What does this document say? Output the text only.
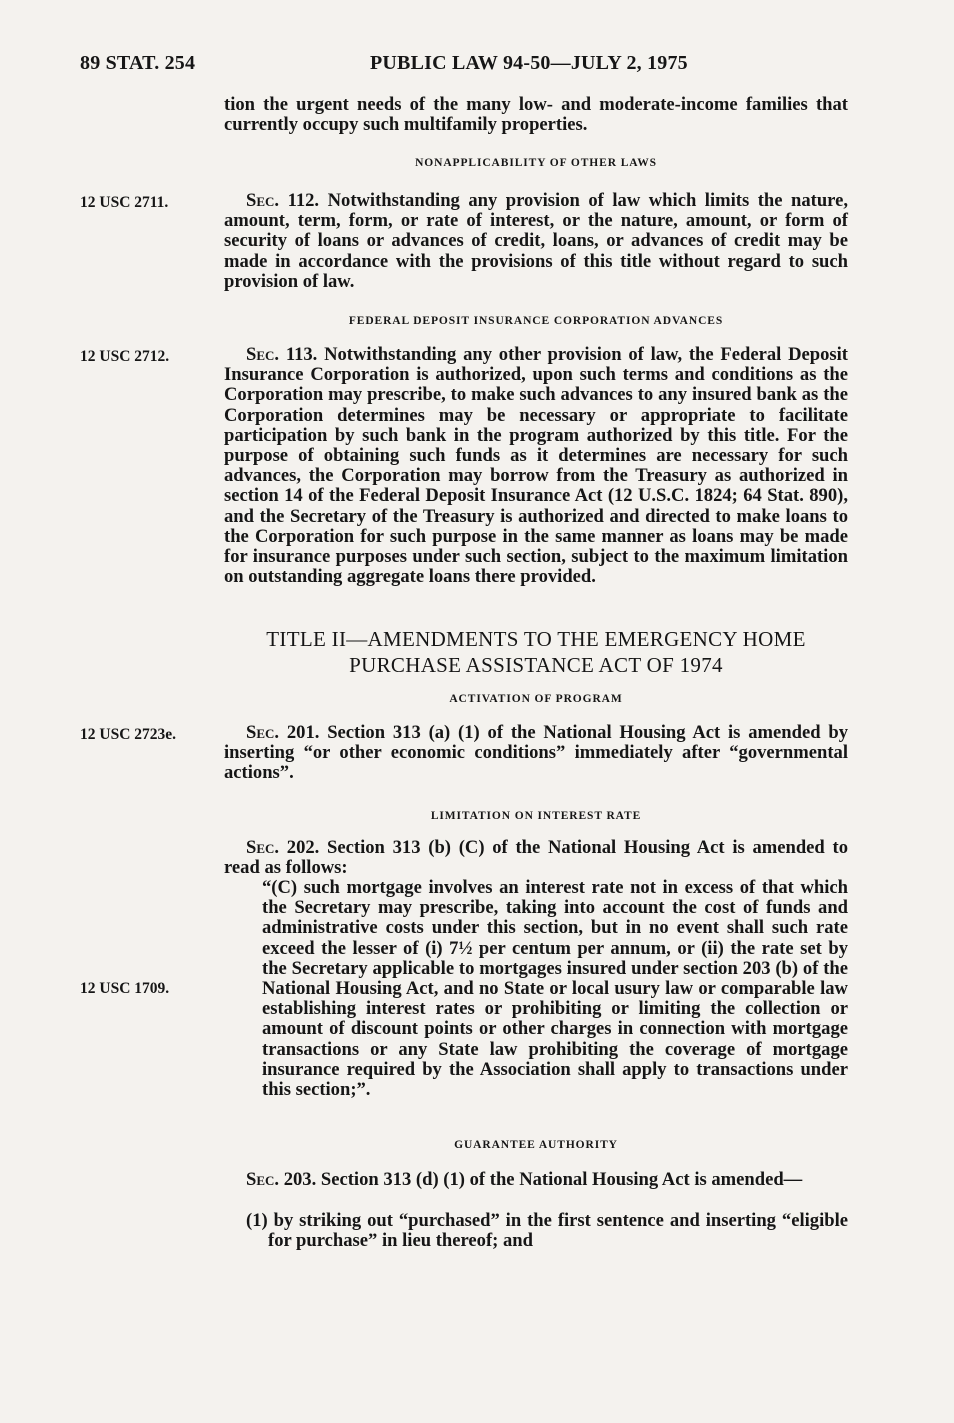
89 STAT. 254	PUBLIC LAW 94-50—JULY 2, 1975

tion the urgent needs of the many low- and moderate-income families that currently occupy such multifamily properties.

NONAPPLICABILITY OF OTHER LAWS

12 USC 2711.	Sec. 112. Notwithstanding any provision of law which limits the nature, amount, term, form, or rate of interest, or the nature, amount, or form of security of loans or advances of credit, loans, or advances of credit may be made in accordance with the provisions of this title without regard to such provision of law.

FEDERAL DEPOSIT INSURANCE CORPORATION ADVANCES

12 USC 2712.	Sec. 113. Notwithstanding any other provision of law, the Federal Deposit Insurance Corporation is authorized, upon such terms and conditions as the Corporation may prescribe, to make such advances to any insured bank as the Corporation determines may be necessary or appropriate to facilitate participation by such bank in the program authorized by this title. For the purpose of obtaining such funds as it determines are necessary for such advances, the Corporation may borrow from the Treasury as authorized in section 14 of the Federal Deposit Insurance Act (12 U.S.C. 1824; 64 Stat. 890), and the Secretary of the Treasury is authorized and directed to make loans to the Corporation for such purpose in the same manner as loans may be made for insurance purposes under such section, subject to the maximum limitation on outstanding aggregate loans there provided.

TITLE II—AMENDMENTS TO THE EMERGENCY HOME

PURCHASE ASSISTANCE ACT OF 1974

ACTIVATION OF PROGRAM

12 USC 2723e.	Sec. 201. Section 313 (a) (1) of the National Housing Act is amended by inserting “or other economic conditions” immediately after “governmental actions”.

LIMITATION ON INTEREST RATE

Sec. 202. Section 313 (b) (C) of the National Housing Act is amended to read as follows:

12 USC 1709.

“(C) such mortgage involves an interest rate not in excess of that which the Secretary may prescribe, taking into account the cost of funds and administrative costs under this section, but in no event shall such rate exceed the lesser of (i) 7½ per centum per annum, or (ii) the rate set by the Secretary applicable to mortgages insured under section 203 (b) of the National Housing Act, and no State or local usury law or comparable law establishing interest rates or prohibiting or limiting the collection or amount of discount points or other charges in connection with mortgage transactions or any State law prohibiting the coverage of mortgage insurance required by the Association shall apply to transactions under this section;”.

GUARANTEE AUTHORITY

Sec. 203. Section 313 (d) (1) of the National Housing Act is amended—

(1) by striking out “purchased” in the first sentence and inserting “eligible for purchase” in lieu thereof; and
